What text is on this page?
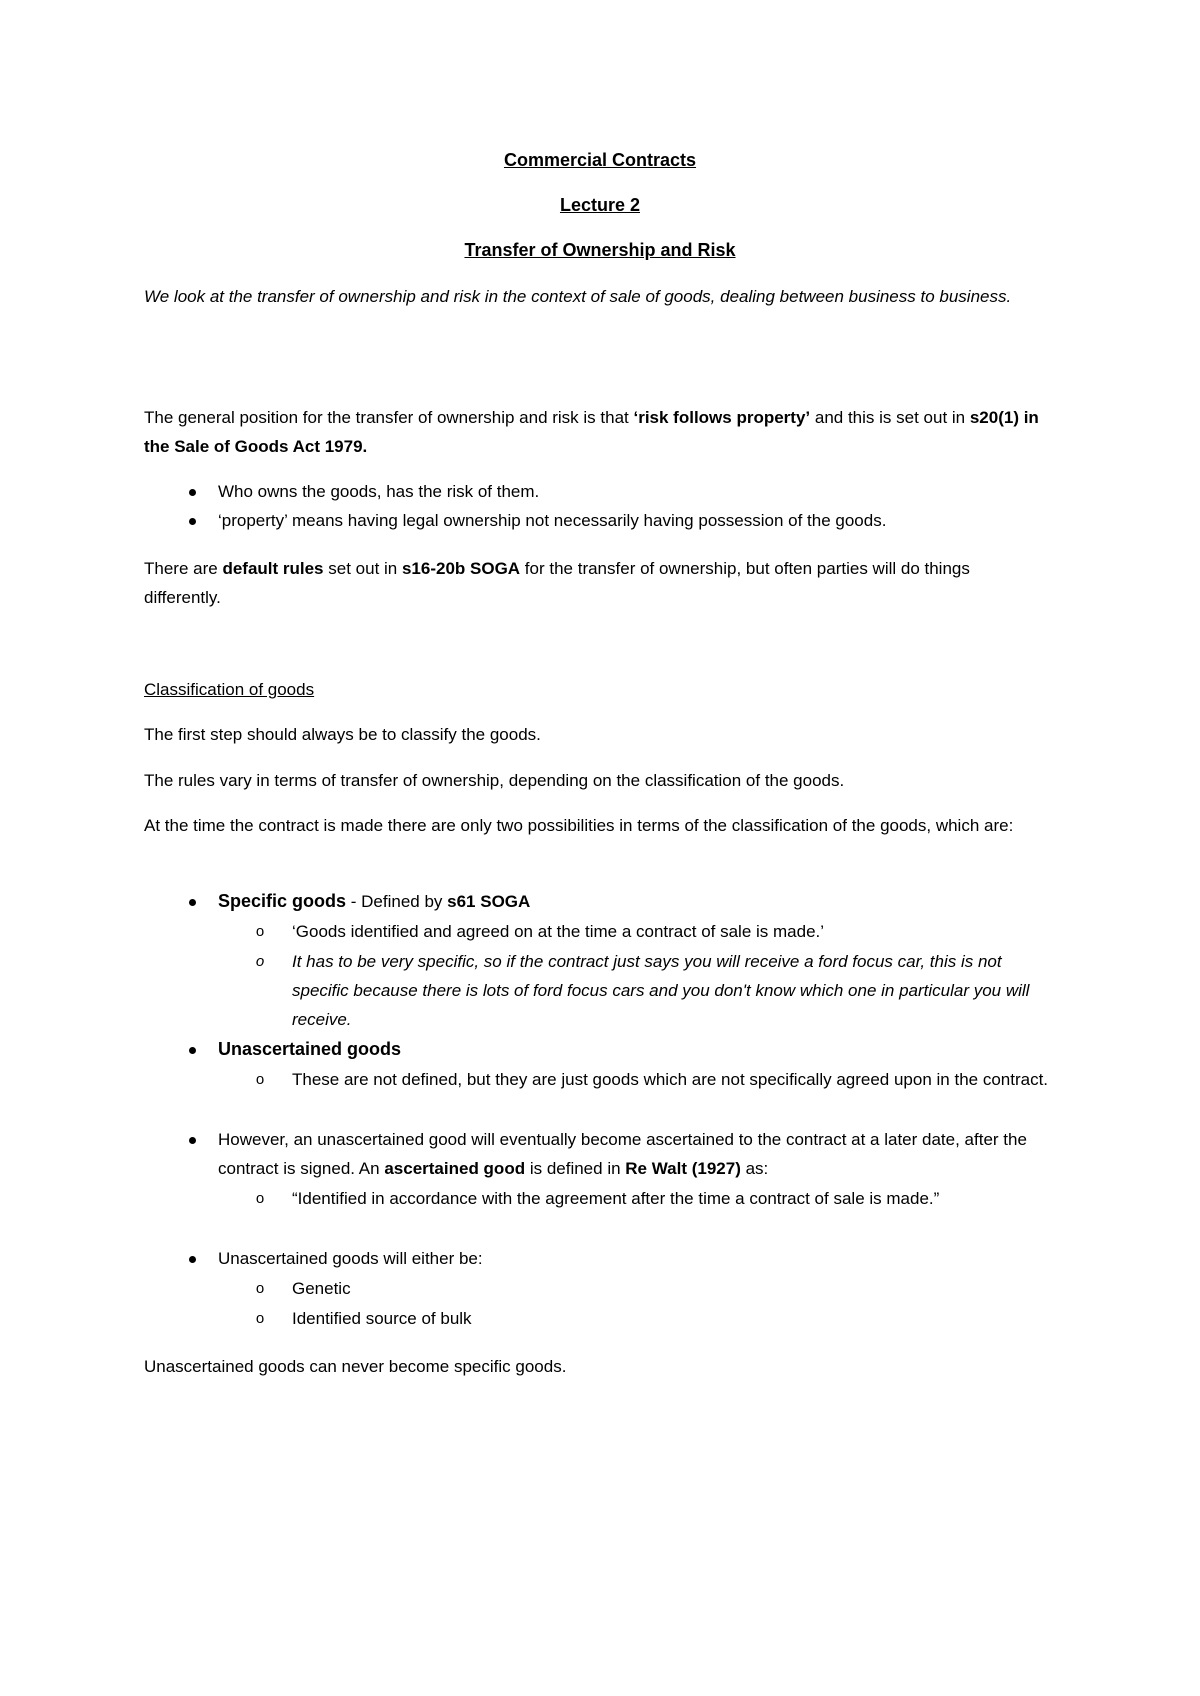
Commercial Contracts
Lecture 2
Transfer of Ownership and Risk
We look at the transfer of ownership and risk in the context of sale of goods, dealing between business to business.
The general position for the transfer of ownership and risk is that ‘risk follows property’ and this is set out in s20(1) in the Sale of Goods Act 1979.
Who owns the goods, has the risk of them.
‘property’ means having legal ownership not necessarily having possession of the goods.
There are default rules set out in s16-20b SOGA for the transfer of ownership, but often parties will do things differently.
Classification of goods
The first step should always be to classify the goods.
The rules vary in terms of transfer of ownership, depending on the classification of the goods.
At the time the contract is made there are only two possibilities in terms of the classification of the goods, which are:
Specific goods - Defined by s61 SOGA
o ‘Goods identified and agreed on at the time a contract of sale is made.’
o It has to be very specific, so if the contract just says you will receive a ford focus car, this is not specific because there is lots of ford focus cars and you don't know which one in particular you will receive.
Unascertained goods
o These are not defined, but they are just goods which are not specifically agreed upon in the contract.
However, an unascertained good will eventually become ascertained to the contract at a later date, after the contract is signed. An ascertained good is defined in Re Walt (1927) as:
o “Identified in accordance with the agreement after the time a contract of sale is made.”
Unascertained goods will either be:
o Genetic
o Identified source of bulk
Unascertained goods can never become specific goods.
